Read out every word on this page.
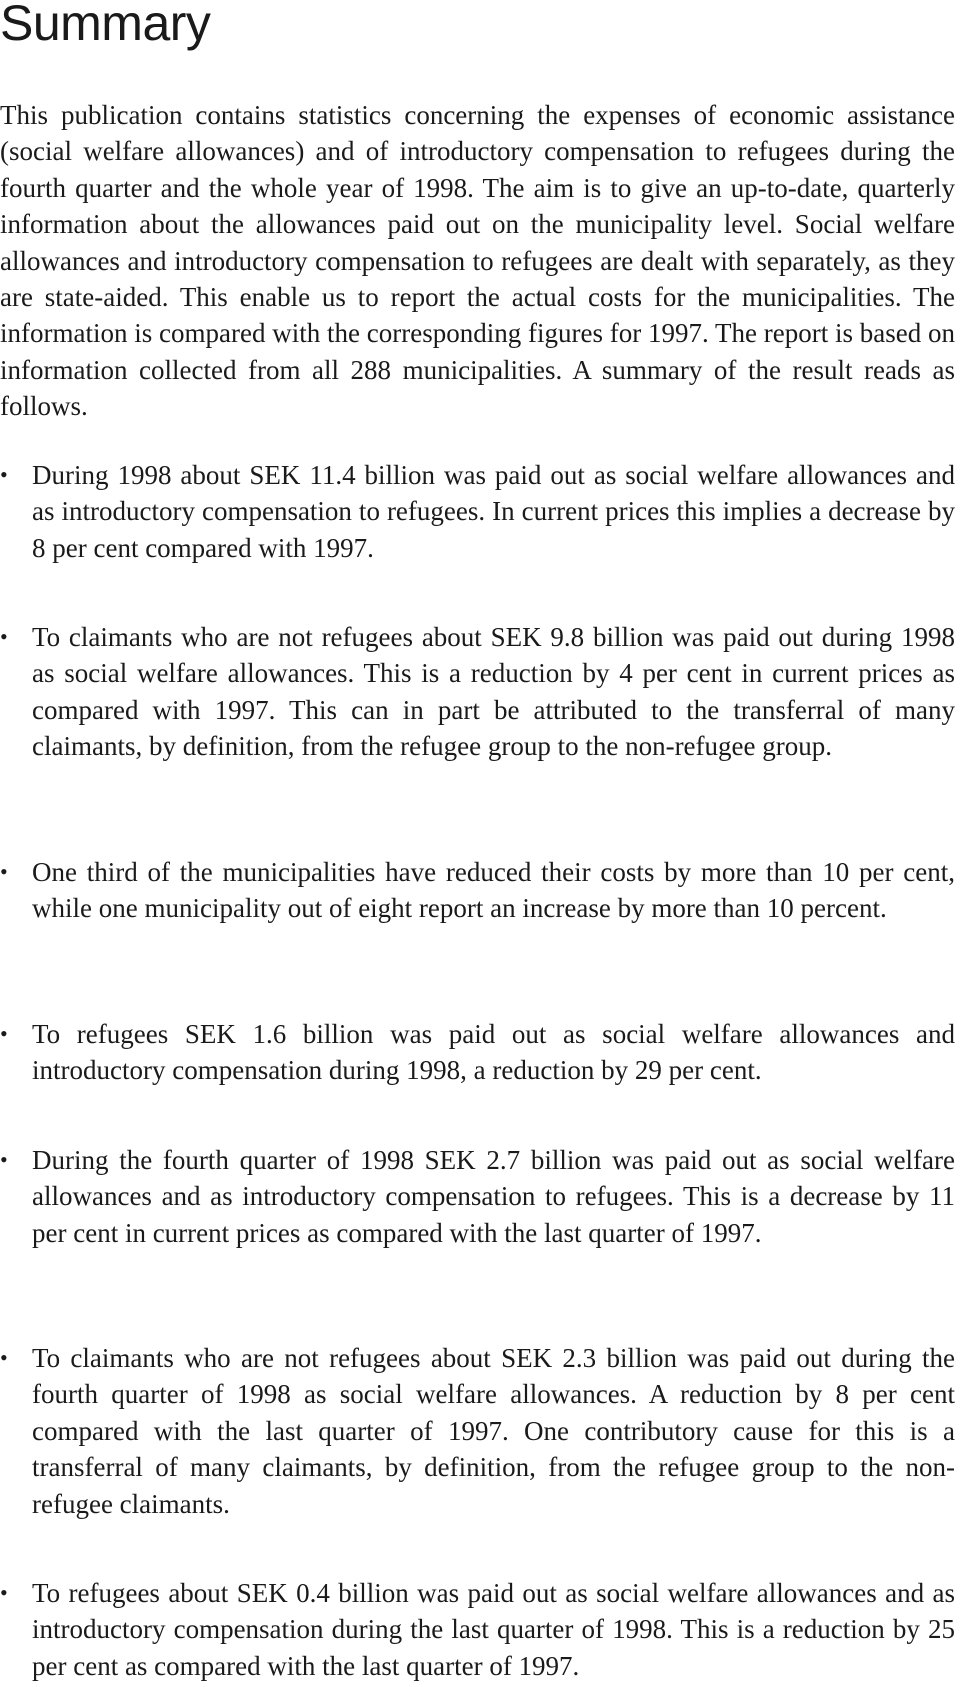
Summary

This publication contains statistics concerning the expenses of economic assistance (social welfare allowances) and of introductory compensation to refugees during the fourth quarter and the whole year of 1998. The aim is to give an up-to-date, quarterly information about the allowances paid out on the municipality level. Social welfare allowances and introductory compensation to refugees are dealt with separately, as they are state-aided. This enable us to report the actual costs for the municipalities. The information is compared with the corresponding figures for 1997. The report is based on information collected from all 288 municipalities. A summary of the result reads as follows.

• During 1998 about SEK 11.4 billion was paid out as social welfare allowances and as introductory compensation to refugees. In current prices this implies a decrease by 8 per cent compared with 1997.
• To claimants who are not refugees about SEK 9.8 billion was paid out during 1998 as social welfare allowances. This is a reduction by 4 per cent in current prices as compared with 1997. This can in part be attributed to the transferral of many claimants, by definition, from the refugee group to the non-refugee group.
• One third of the municipalities have reduced their costs by more than 10 per cent, while one municipality out of eight report an increase by more than 10 percent.
• To refugees SEK 1.6 billion was paid out as social welfare allowances and introductory compensation during 1998, a reduction by 29 per cent.
• During the fourth quarter of 1998 SEK 2.7 billion was paid out as social welfare allowances and as introductory compensation to refugees. This is a decrease by 11 per cent in current prices as compared with the last quarter of 1997.
• To claimants who are not refugees about SEK 2.3 billion was paid out during the fourth quarter of 1998 as social welfare allowances. A reduction by 8 per cent compared with the last quarter of 1997. One contributory cause for this is a transferral of many claimants, by definition, from the refugee group to the non-refugee claimants.
• To refugees about SEK 0.4 billion was paid out as social welfare allowances and as introductory compensation during the last quarter of 1998. This is a reduction by 25 per cent as compared with the last quarter of 1997.
